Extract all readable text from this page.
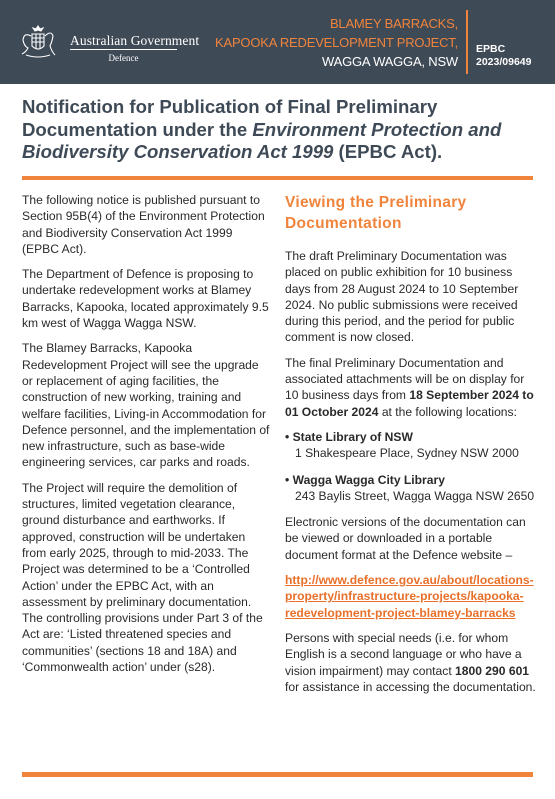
Australian Government
Defence
BLAMEY BARRACKS,
KAPOOKA REDEVELOPMENT PROJECT,
WAGGA WAGGA, NSW
EPBC
2023/09649
Notification for Publication of Final Preliminary Documentation under the Environment Protection and Biodiversity Conservation Act 1999 (EPBC Act).

The following notice is published pursuant to Section 95B(4) of the Environment Protection and Biodiversity Conservation Act 1999 (EPBC Act).

The Department of Defence is proposing to undertake redevelopment works at Blamey Barracks, Kapooka, located approximately 9.5 km west of Wagga Wagga NSW.

The Blamey Barracks, Kapooka Redevelopment Project will see the upgrade or replacement of aging facilities, the construction of new working, training and welfare facilities, Living-in Accommodation for Defence personnel, and the implementation of new infrastructure, such as base-wide engineering services, car parks and roads.

The Project will require the demolition of structures, limited vegetation clearance, ground disturbance and earthworks. If approved, construction will be undertaken from early 2025, through to mid-2033. The Project was determined to be a ‘Controlled Action’ under the EPBC Act, with an assessment by preliminary documentation. The controlling provisions under Part 3 of the Act are: ‘Listed threatened species and communities’ (sections 18 and 18A) and ‘Commonwealth action’ under (s28).

Viewing the Preliminary Documentation

The draft Preliminary Documentation was placed on public exhibition for 10 business days from 28 August 2024 to 10 September 2024. No public submissions were received during this period, and the period for public comment is now closed.

The final Preliminary Documentation and associated attachments will be on display for 10 business days from 18 September 2024 to 01 October 2024 at the following locations:

• State Library of NSW
1 Shakespeare Place, Sydney NSW 2000
• Wagga Wagga City Library
243 Baylis Street, Wagga Wagga NSW 2650

Electronic versions of the documentation can be viewed or downloaded in a portable document format at the Defence website –

http://www.defence.gov.au/about/locations-property/infrastructure-projects/kapooka-redevelopment-project-blamey-barracks

Persons with special needs (i.e. for whom English is a second language or who have a vision impairment) may contact 1800 290 601 for assistance in accessing the documentation.
